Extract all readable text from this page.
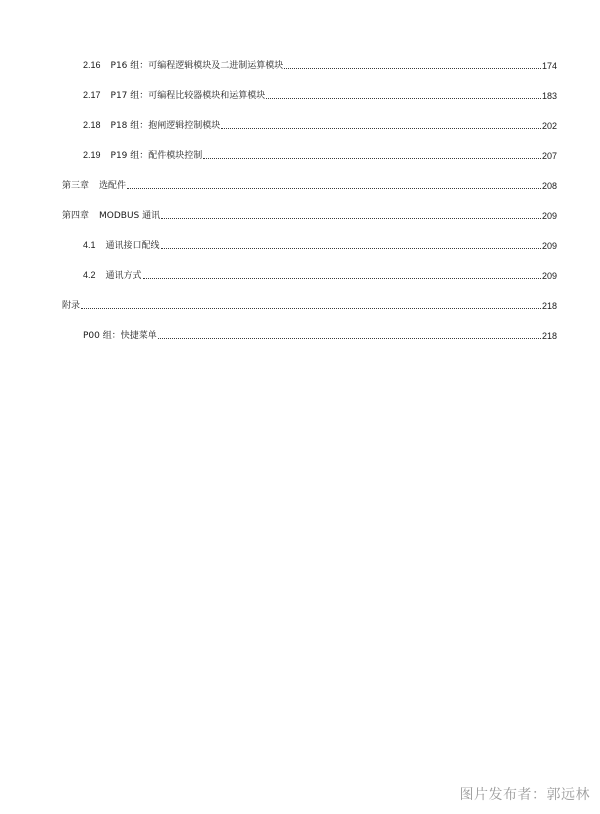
2.16 P16 组：可编程逻辑模块及二进制运算模块	174
2.17 P17 组：可编程比较器模块和运算模块	183
2.18 P18 组：抱闸逻辑控制模块	202
2.19 P19 组：配件模块控制	207
第三章 选配件	208
第四章 MODBUS 通讯	209
4.1 通讯接口配线	209
4.2 通讯方式	209
附录	218
P00 组：快捷菜单	218
图片发布者：郭远林
